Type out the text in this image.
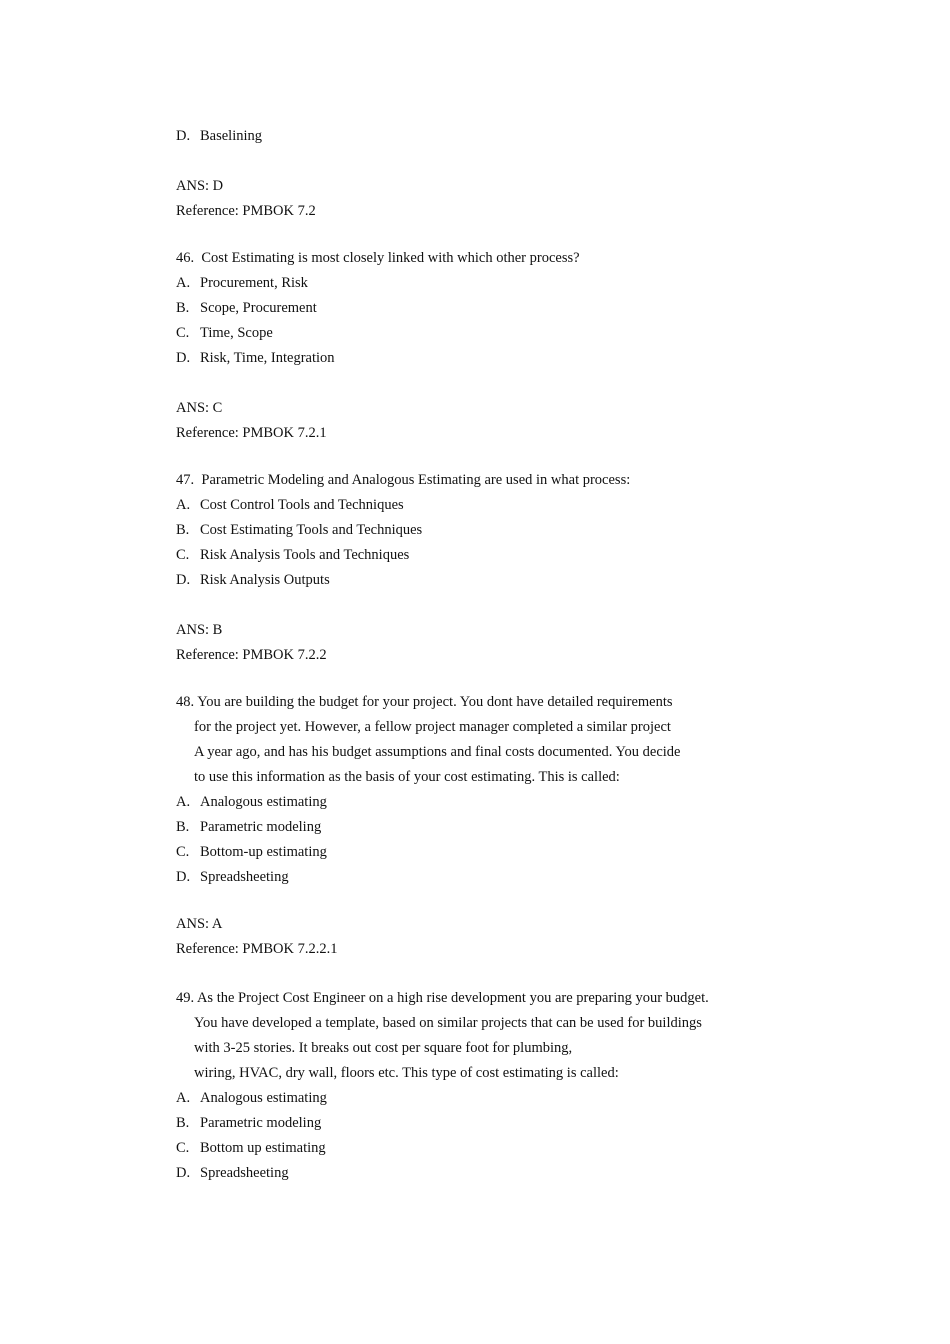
D. Baselining
ANS: D
Reference: PMBOK 7.2
46. Cost Estimating is most closely linked with which other process?
A. Procurement, Risk
B. Scope, Procurement
C. Time, Scope
D. Risk, Time, Integration
ANS: C
Reference: PMBOK 7.2.1
47. Parametric Modeling and Analogous Estimating are used in what process:
A. Cost Control Tools and Techniques
B. Cost Estimating Tools and Techniques
C. Risk Analysis Tools and Techniques
D. Risk Analysis Outputs
ANS: B
Reference: PMBOK 7.2.2
48. You are building the budget for your project. You dont have detailed requirements
for the project yet. However, a fellow project manager completed a similar project
A year ago, and has his budget assumptions and final costs documented. You decide
to use this information as the basis of your cost estimating. This is called:
A. Analogous estimating
B. Parametric modeling
C. Bottom-up estimating
D. Spreadsheeting
ANS: A
Reference: PMBOK 7.2.2.1
49. As the Project Cost Engineer on a high rise development you are preparing your budget.
You have developed a template, based on similar projects that can be used for buildings
with 3-25 stories. It breaks out cost per square foot for plumbing,
wiring, HVAC, dry wall, floors etc. This type of cost estimating is called:
A. Analogous estimating
B. Parametric modeling
C. Bottom up estimating
D. Spreadsheeting
